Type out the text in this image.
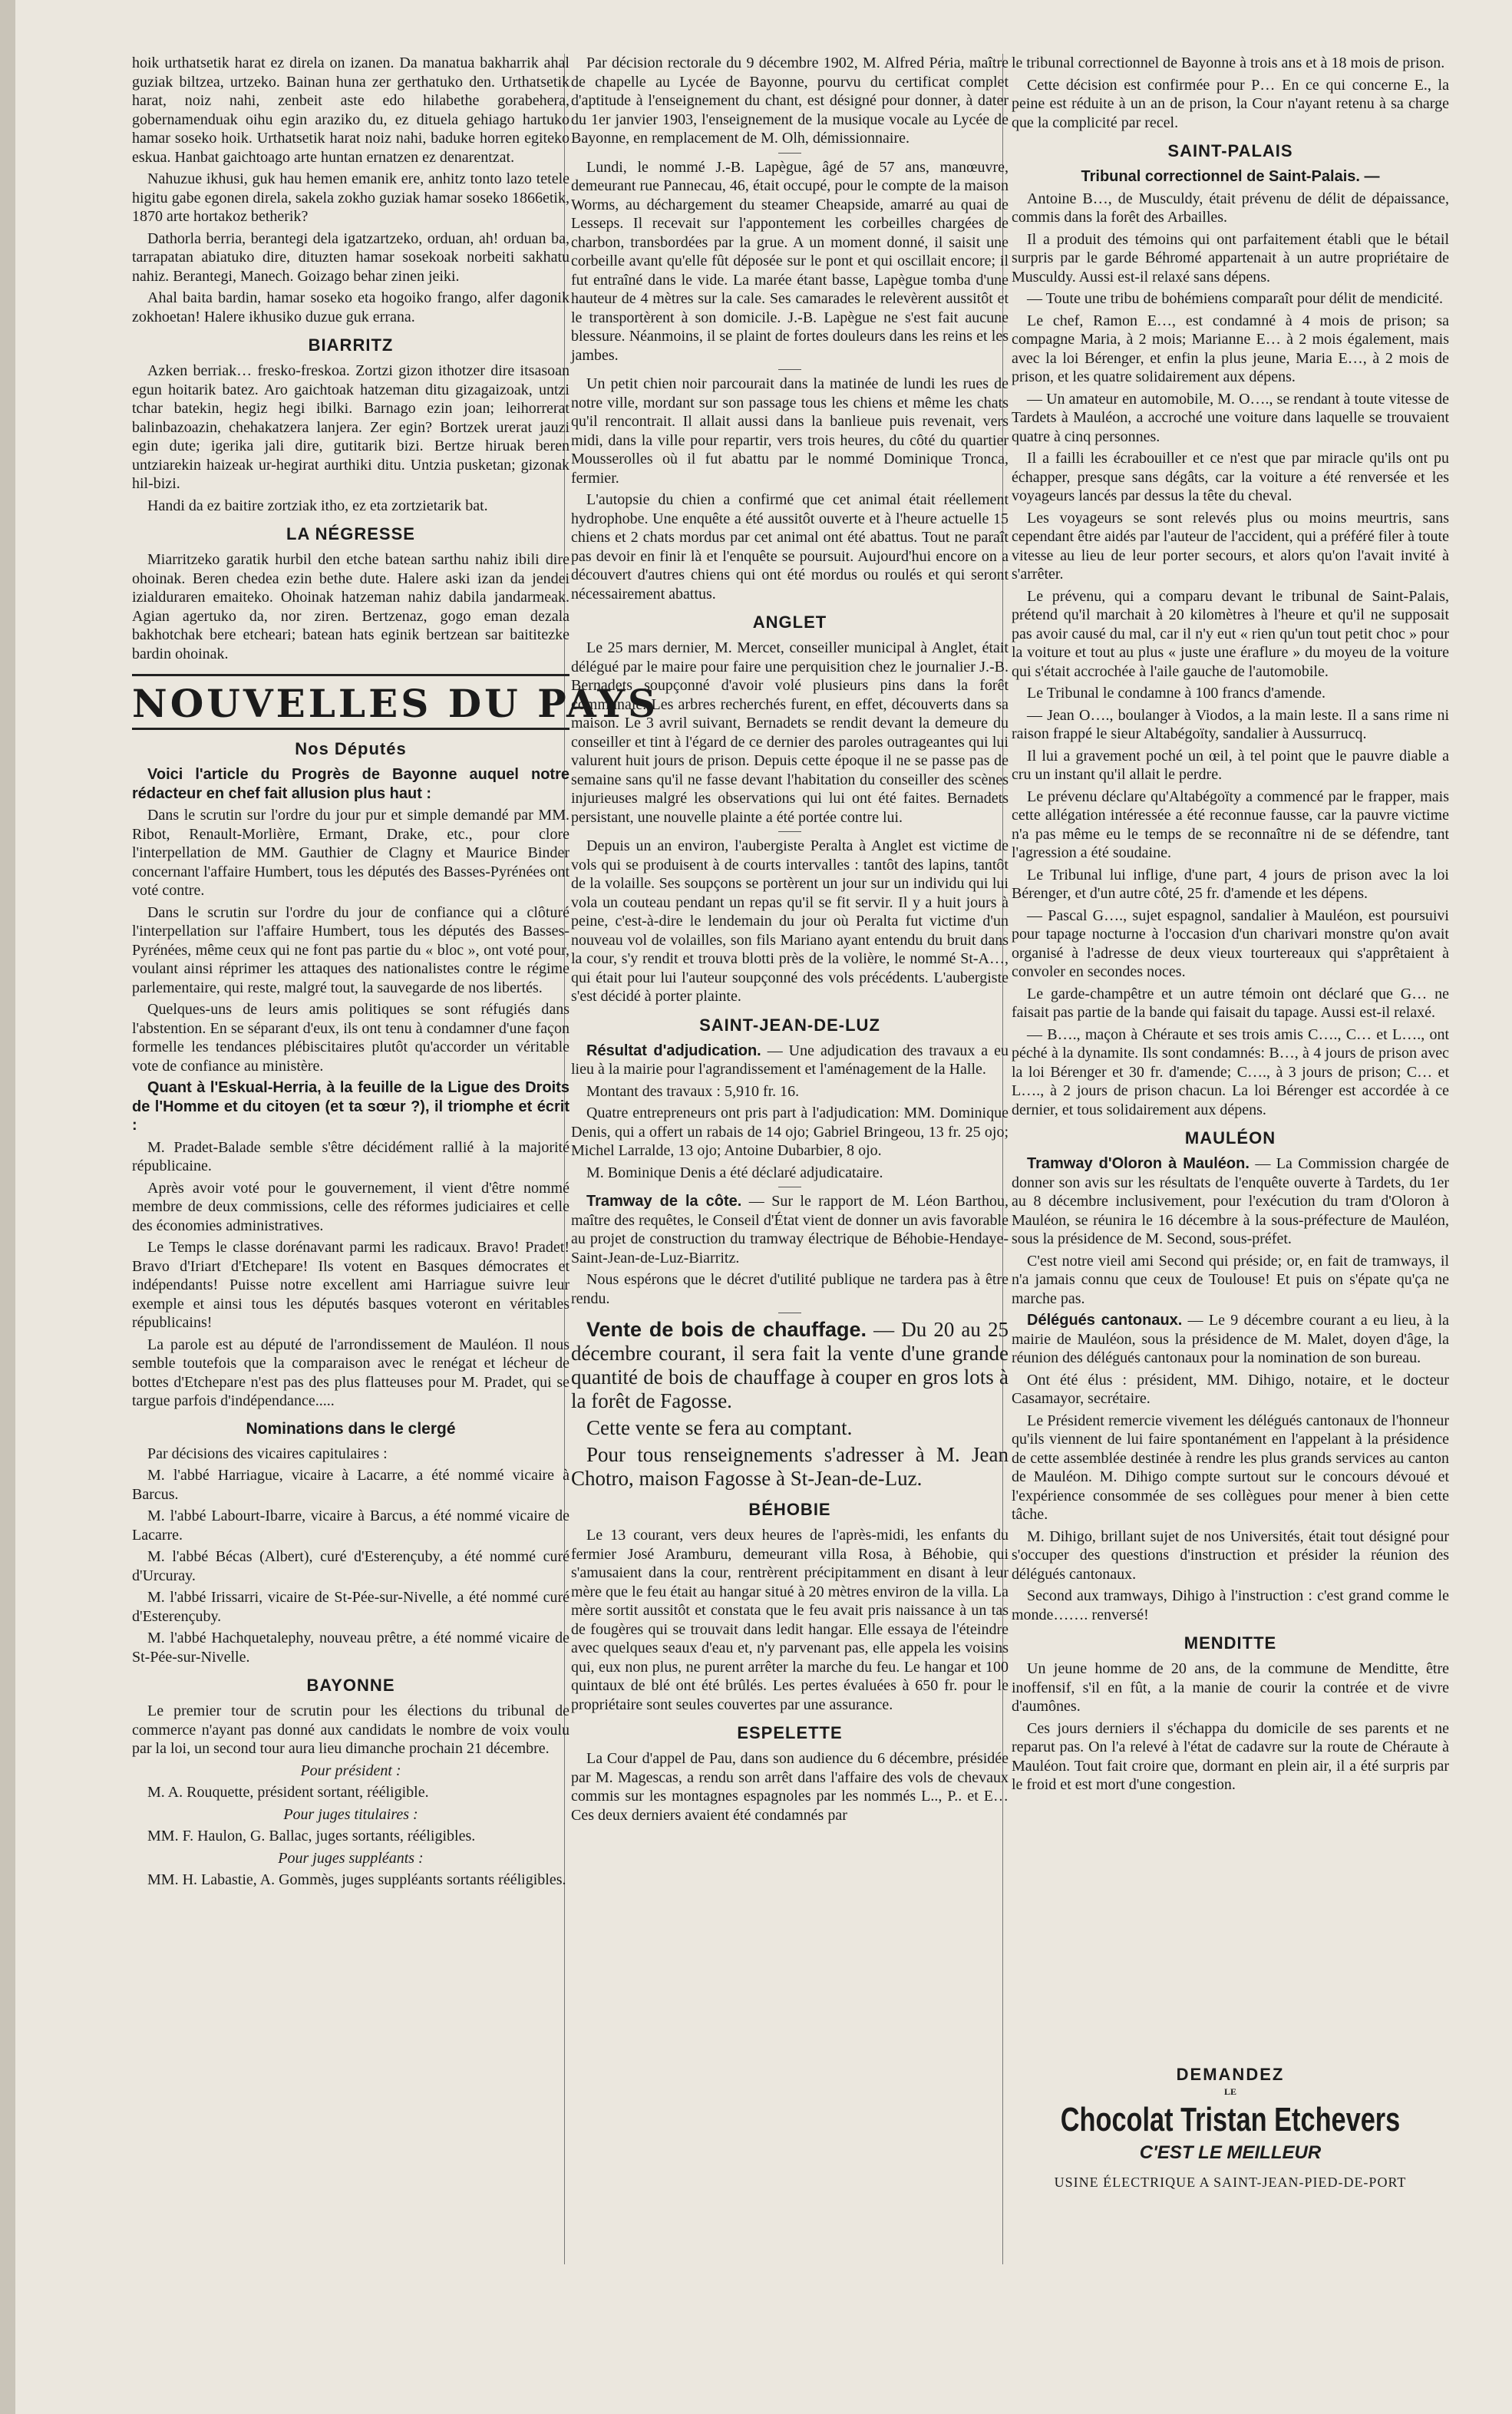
hoik urthatsetik harat ez direla on izanen. Da manatua bakharrik ahal guziak biltzea, urtzeko. Bainan huna zer gerthatuko den. Urthatsetik harat, noiz nahi, zenbeit aste edo hilabethe gorabehera, gobernamenduak oihu egin araziko du, ez dituela gehiago hartuko hamar soseko hoik. Urthatsetik harat noiz nahi, baduke horren egiteko eskua. Hanbat gaichtoago arte huntan ernatzen ez denarentzat.

Nahuzue ikhusi, guk hau hemen emanik ere, anhitz tonto lazo tetele higitu gabe egonen direla, sakela zokho guziak hamar soseko 1866etik, 1870 arte hortakoz betherik?

Dathorla berria, berantegi dela igatzartzeko, orduan, ah! orduan ba, tarrapatan abiatuko dire, dituzten hamar sosekoak norbeiti sakhatu nahiz. Berantegi, Manech. Goizago behar zinen jeiki.

Ahal baita bardin, hamar soseko eta hogoiko frango, alfer dagonik zokhoetan! Halere ikhusiko duzue guk errana.

BIARRITZ

Azken berriak… fresko-freskoa. Zortzi gizon ithotzer dire itsasoan egun hoitarik batez. Aro gaichtoak hatzeman ditu gizagaizoak, untzi tchar batekin, hegiz hegi ibilki. Barnago ezin joan; leihorrerat balinbazoazin, chehakatzera lanjera. Zer egin? Bortzek urerat jauzi egin dute; igerika jali dire, gutitarik bizi. Bertze hiruak beren untziarekin haizeak ur-hegirat aurthiki ditu. Untzia pusketan; gizonak hil-bizi.

Handi da ez baitire zortziak itho, ez eta zortzietarik bat.

LA NÉGRESSE

Miarritzeko garatik hurbil den etche batean sarthu nahiz ibili dire ohoinak. Beren chedea ezin bethe dute. Halere aski izan da jendei izialduraren emaiteko. Ohoinak hatzeman nahiz dabila jandarmeak. Agian agertuko da, nor ziren. Bertzenaz, gogo eman dezala bakhotchak bere etcheari; batean hats eginik bertzean sar baititezke bardin ohoinak.

NOUVELLES DU PAYS
Nos Députés

Voici l'article du Progrès de Bayonne auquel notre rédacteur en chef fait allusion plus haut :

Dans le scrutin sur l'ordre du jour pur et simple demandé par MM. Ribot, Renault-Morlière, Ermant, Drake, etc., pour clore l'interpellation de MM. Gauthier de Clagny et Maurice Binder concernant l'affaire Humbert, tous les députés des Basses-Pyrénées ont voté contre.

Dans le scrutin sur l'ordre du jour de confiance qui a clôturé l'interpellation sur l'affaire Humbert, tous les députés des Basses-Pyrénées, même ceux qui ne font pas partie du « bloc », ont voté pour, voulant ainsi réprimer les attaques des nationalistes contre le régime parlementaire, qui reste, malgré tout, la sauvegarde de nos libertés.

Quelques-uns de leurs amis politiques se sont réfugiés dans l'abstention. En se séparant d'eux, ils ont tenu à condamner d'une façon formelle les tendances plébiscitaires plutôt qu'accorder un véritable vote de confiance au ministère.

Quant à l'Eskual-Herria, à la feuille de la Ligue des Droits de l'Homme et du citoyen (et ta sœur ?), il triomphe et écrit :

M. Pradet-Balade semble s'être décidément rallié à la majorité républicaine.

Après avoir voté pour le gouvernement, il vient d'être nommé membre de deux commissions, celle des réformes judiciaires et celle des économies administratives.

Le Temps le classe dorénavant parmi les radicaux. Bravo! Pradet! Bravo d'Iriart d'Etchepare! Ils votent en Basques démocrates et indépendants! Puisse notre excellent ami Harriague suivre leur exemple et ainsi tous les députés basques voteront en véritables républicains!

La parole est au député de l'arrondissement de Mauléon. Il nous semble toutefois que la comparaison avec le renégat et lécheur de bottes d'Etchepare n'est pas des plus flatteuses pour M. Pradet, qui se targue parfois d'indépendance.....

Nominations dans le clergé

Par décisions des vicaires capitulaires :

M. l'abbé Harriague, vicaire à Lacarre, a été nommé vicaire à Barcus.

M. l'abbé Labourt-Ibarre, vicaire à Barcus, a été nommé vicaire de Lacarre.

M. l'abbé Bécas (Albert), curé d'Esterençuby, a été nommé curé d'Urcuray.

M. l'abbé Irissarri, vicaire de St-Pée-sur-Nivelle, a été nommé curé d'Esterençuby.

M. l'abbé Hachquetalephy, nouveau prêtre, a été nommé vicaire de St-Pée-sur-Nivelle.

BAYONNE

Le premier tour de scrutin pour les élections du tribunal de commerce n'ayant pas donné aux candidats le nombre de voix voulu par la loi, un second tour aura lieu dimanche prochain 21 décembre.

Pour président :

M. A. Rouquette, président sortant, rééligible.

Pour juges titulaires :

MM. F. Haulon, G. Ballac, juges sortants, rééligibles.

Pour juges suppléants :

MM. H. Labastie, A. Gommès, juges suppléants sortants rééligibles.

Par décision rectorale du 9 décembre 1902, M. Alfred Péria, maître de chapelle au Lycée de Bayonne, pourvu du certificat complet d'aptitude à l'enseignement du chant, est désigné pour donner, à dater du 1er janvier 1903, l'enseignement de la musique vocale au Lycée de Bayonne, en remplacement de M. Olh, démissionnaire.

Lundi, le nommé J.-B. Lapègue, âgé de 57 ans, manœuvre, demeurant rue Pannecau, 46, était occupé, pour le compte de la maison Worms, au déchargement du steamer Cheapside, amarré au quai de Lesseps. Il recevait sur l'appontement les corbeilles chargées de charbon, transbordées par la grue. A un moment donné, il saisit une corbeille avant qu'elle fût déposée sur le pont et qui oscillait encore; il fut entraîné dans le vide. La marée étant basse, Lapègue tomba d'une hauteur de 4 mètres sur la cale. Ses camarades le relevèrent aussitôt et le transportèrent à son domicile. J.-B. Lapègue ne s'est fait aucune blessure. Néanmoins, il se plaint de fortes douleurs dans les reins et les jambes.

Un petit chien noir parcourait dans la matinée de lundi les rues de notre ville, mordant sur son passage tous les chiens et même les chats qu'il rencontrait. Il allait aussi dans la banlieue puis revenait, vers midi, dans la ville pour repartir, vers trois heures, du côté du quartier Mousserolles où il fut abattu par le nommé Dominique Tronca, fermier.

L'autopsie du chien a confirmé que cet animal était réellement hydrophobe. Une enquête a été aussitôt ouverte et à l'heure actuelle 15 chiens et 2 chats mordus par cet animal ont été abattus. Tout ne paraît pas devoir en finir là et l'enquête se poursuit. Aujourd'hui encore on a découvert d'autres chiens qui ont été mordus ou roulés et qui seront nécessairement abattus.

ANGLET

Le 25 mars dernier, M. Mercet, conseiller municipal à Anglet, était délégué par le maire pour faire une perquisition chez le journalier J.-B. Bernadets soupçonné d'avoir volé plusieurs pins dans la forêt communale. Les arbres recherchés furent, en effet, découverts dans sa maison. Le 3 avril suivant, Bernadets se rendit devant la demeure du conseiller et tint à l'égard de ce dernier des paroles outrageantes qui lui valurent huit jours de prison. Depuis cette époque il ne se passe pas de semaine sans qu'il ne fasse devant l'habitation du conseiller des scènes injurieuses malgré les observations qui lui ont été faites. Bernadets persistant, une nouvelle plainte a été portée contre lui.

Depuis un an environ, l'aubergiste Peralta à Anglet est victime de vols qui se produisent à de courts intervalles : tantôt des lapins, tantôt de la volaille. Ses soupçons se portèrent un jour sur un individu qui lui vola un couteau pendant un repas qu'il se fit servir. Il y a huit jours à peine, c'est-à-dire le lendemain du jour où Peralta fut victime d'un nouveau vol de volailles, son fils Mariano ayant entendu du bruit dans la cour, s'y rendit et trouva blotti près de la volière, le nommé St-A…, qui était pour lui l'auteur soupçonné des vols précédents. L'aubergiste s'est décidé à porter plainte.

SAINT-JEAN-DE-LUZ

Résultat d'adjudication. — Une adjudication des travaux a eu lieu à la mairie pour l'agrandissement et l'aménagement de la Halle.

Montant des travaux : 5,910 fr. 16.

Quatre entrepreneurs ont pris part à l'adjudication: MM. Dominique Denis, qui a offert un rabais de 14 ojo; Gabriel Bringeou, 13 fr. 25 ojo; Michel Larralde, 13 ojo; Antoine Dubarbier, 8 ojo.

M. Bominique Denis a été déclaré adjudicataire.

Tramway de la côte. — Sur le rapport de M. Léon Barthou, maître des requêtes, le Conseil d'État vient de donner un avis favorable au projet de construction du tramway électrique de Béhobie-Hendaye-Saint-Jean-de-Luz-Biarritz.

Nous espérons que le décret d'utilité publique ne tardera pas à être rendu.

Vente de bois de chauffage. — Du 20 au 25 décembre courant, il sera fait la vente d'une grande quantité de bois de chauffage à couper en gros lots à la forêt de Fagosse.

Cette vente se fera au comptant.

Pour tous renseignements s'adresser à M. Jean Chotro, maison Fagosse à St-Jean-de-Luz.

BÉHOBIE

Le 13 courant, vers deux heures de l'après-midi, les enfants du fermier José Aramburu, demeurant villa Rosa, à Béhobie, qui s'amusaient dans la cour, rentrèrent précipitamment en disant à leur mère que le feu était au hangar situé à 20 mètres environ de la villa. La mère sortit aussitôt et constata que le feu avait pris naissance à un tas de fougères qui se trouvait dans ledit hangar. Elle essaya de l'éteindre avec quelques seaux d'eau et, n'y parvenant pas, elle appela les voisins qui, eux non plus, ne purent arrêter la marche du feu. Le hangar et 100 quintaux de blé ont été brûlés. Les pertes évaluées à 650 fr. pour le propriétaire sont seules couvertes par une assurance.

ESPELETTE

La Cour d'appel de Pau, dans son audience du 6 décembre, présidée par M. Magescas, a rendu son arrêt dans l'affaire des vols de chevaux commis sur les montagnes espagnoles par les nommés L.., P.. et E… Ces deux derniers avaient été condamnés par

le tribunal correctionnel de Bayonne à trois ans et à 18 mois de prison.

Cette décision est confirmée pour P… En ce qui concerne E., la peine est réduite à un an de prison, la Cour n'ayant retenu à sa charge que la complicité par recel.

SAINT-PALAIS

Tribunal correctionnel de Saint-Palais. —

Antoine B…, de Musculdy, était prévenu de délit de dépaissance, commis dans la forêt des Arbailles.

Il a produit des témoins qui ont parfaitement établi que le bétail surpris par le garde Béhromé appartenait à un autre propriétaire de Musculdy. Aussi est-il relaxé sans dépens.

— Toute une tribu de bohémiens comparaît pour délit de mendicité.

Le chef, Ramon E…, est condamné à 4 mois de prison; sa compagne Maria, à 2 mois; Marianne E… à 2 mois également, mais avec la loi Bérenger, et enfin la plus jeune, Maria E…, à 2 mois de prison, et les quatre solidairement aux dépens.

— Un amateur en automobile, M. O…., se rendant à toute vitesse de Tardets à Mauléon, a accroché une voiture dans laquelle se trouvaient quatre à cinq personnes.

Il a failli les écrabouiller et ce n'est que par miracle qu'ils ont pu échapper, presque sans dégâts, car la voiture a été renversée et les voyageurs lancés par dessus la tête du cheval.

Les voyageurs se sont relevés plus ou moins meurtris, sans cependant être aidés par l'auteur de l'accident, qui a préféré filer à toute vitesse au lieu de leur porter secours, et alors qu'on l'avait invité à s'arrêter.

Le prévenu, qui a comparu devant le tribunal de Saint-Palais, prétend qu'il marchait à 20 kilomètres à l'heure et qu'il ne supposait pas avoir causé du mal, car il n'y eut « rien qu'un tout petit choc » pour la voiture et tout au plus « juste une éraflure » du moyeu de la voiture qui s'était accrochée à l'aile gauche de l'automobile.

Le Tribunal le condamne à 100 francs d'amende.

— Jean O…., boulanger à Viodos, a la main leste. Il a sans rime ni raison frappé le sieur Altabégoïty, sandalier à Aussurrucq.

Il lui a gravement poché un œil, à tel point que le pauvre diable a cru un instant qu'il allait le perdre.

Le prévenu déclare qu'Altabégoïty a commencé par le frapper, mais cette allégation intéressée a été reconnue fausse, car la pauvre victime n'a pas même eu le temps de se reconnaître ni de se défendre, tant l'agression a été soudaine.

Le Tribunal lui inflige, d'une part, 4 jours de prison avec la loi Bérenger, et d'un autre côté, 25 fr. d'amende et les dépens.

— Pascal G…., sujet espagnol, sandalier à Mauléon, est poursuivi pour tapage nocturne à l'occasion d'un charivari monstre qu'on avait organisé à l'adresse de deux vieux tourtereaux qui s'apprêtaient à convoler en secondes noces.

Le garde-champêtre et un autre témoin ont déclaré que G… ne faisait pas partie de la bande qui faisait du tapage. Aussi est-il relaxé.

— B…., maçon à Chéraute et ses trois amis C…., C… et L…., ont péché à la dynamite. Ils sont condamnés: B…, à 4 jours de prison avec la loi Bérenger et 30 fr. d'amende; C…., à 3 jours de prison; C… et L…., à 2 jours de prison chacun. La loi Bérenger est accordée à ce dernier, et tous solidairement aux dépens.

MAULÉON

Tramway d'Oloron à Mauléon. — La Commission chargée de donner son avis sur les résultats de l'enquête ouverte à Tardets, du 1er au 8 décembre inclusivement, pour l'exécution du tram d'Oloron à Mauléon, se réunira le 16 décembre à la sous-préfecture de Mauléon, sous la présidence de M. Second, sous-préfet.

C'est notre vieil ami Second qui préside; or, en fait de tramways, il n'a jamais connu que ceux de Toulouse! Et puis on s'épate qu'ça ne marche pas.

Délégués cantonaux. — Le 9 décembre courant a eu lieu, à la mairie de Mauléon, sous la présidence de M. Malet, doyen d'âge, la réunion des délégués cantonaux pour la nomination de son bureau.

Ont été élus : président, MM. Dihigo, notaire, et le docteur Casamayor, secrétaire.

Le Président remercie vivement les délégués cantonaux de l'honneur qu'ils viennent de lui faire spontanément en l'appelant à la présidence de cette assemblée destinée à rendre les plus grands services au canton de Mauléon. M. Dihigo compte surtout sur le concours dévoué et l'expérience consommée de ses collègues pour mener à bien cette tâche.

M. Dihigo, brillant sujet de nos Universités, était tout désigné pour s'occuper des questions d'instruction et présider la réunion des délégués cantonaux.

Second aux tramways, Dihigo à l'instruction : c'est grand comme le monde……. renversé!

MENDITTE

Un jeune homme de 20 ans, de la commune de Menditte, être inoffensif, s'il en fût, a la manie de courir la contrée et de vivre d'aumônes.

Ces jours derniers il s'échappa du domicile de ses parents et ne reparut pas. On l'a relevé à l'état de cadavre sur la route de Chéraute à Mauléon. Tout fait croire que, dormant en plein air, il a été surpris par le froid et est mort d'une congestion.

DEMANDEZ
LE
Chocolat Tristan Etchevers
C'EST LE MEILLEUR
USINE ÉLECTRIQUE A SAINT-JEAN-PIED-DE-PORT
